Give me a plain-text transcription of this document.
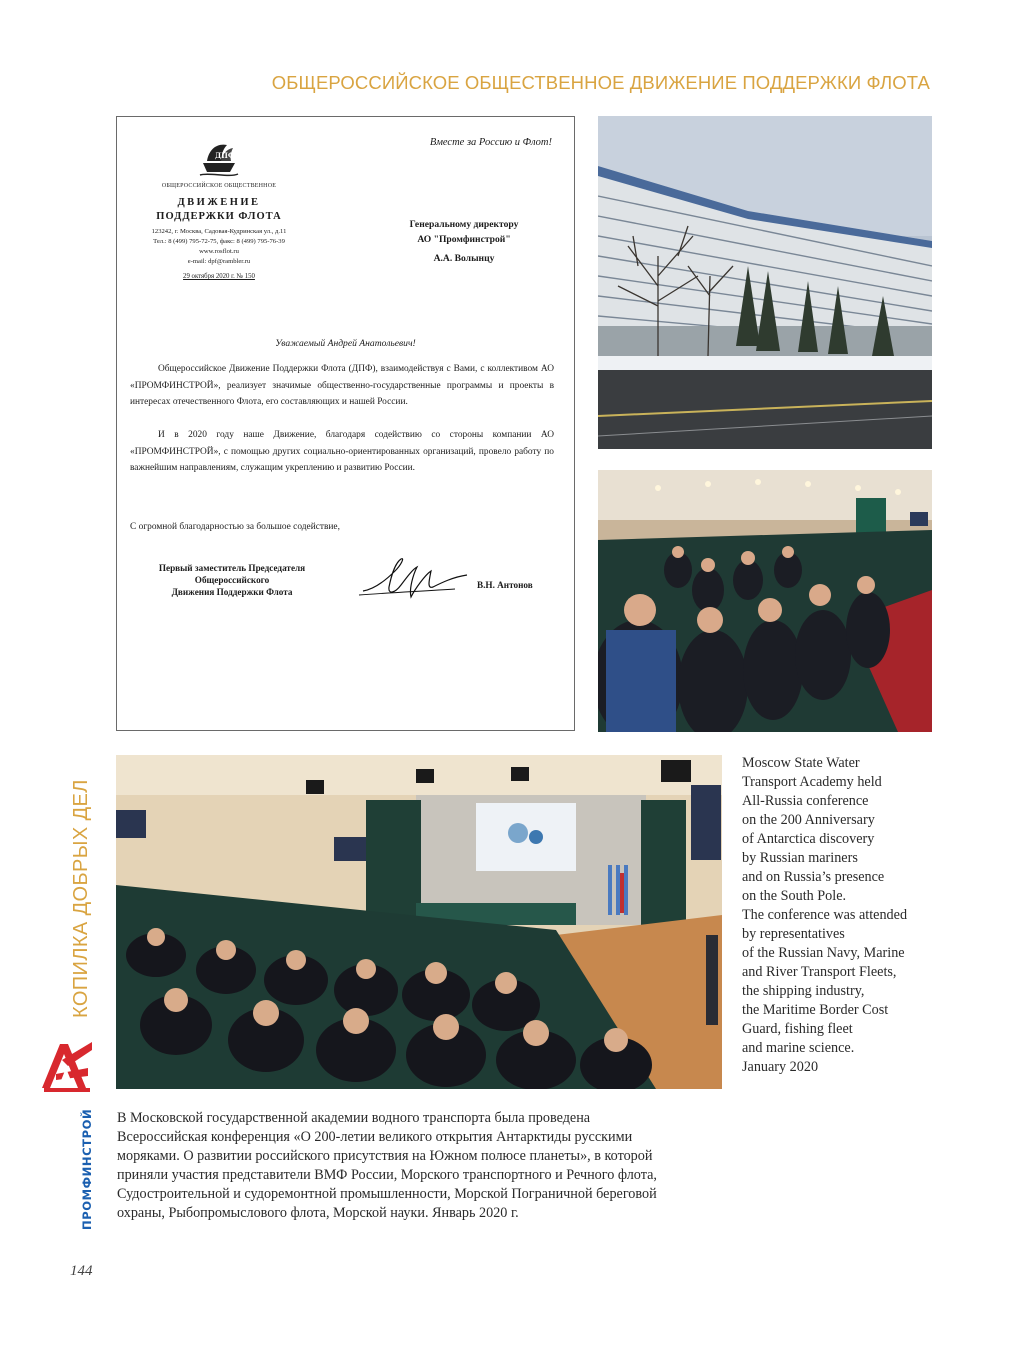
ОБЩЕРОССИЙСКОЕ ОБЩЕСТВЕННОЕ ДВИЖЕНИЕ ПОДДЕРЖКИ ФЛОТА
Вместе за Россию и Флот!
ДПФ
ОБЩЕРОССИЙСКОЕ ОБЩЕСТВЕННОЕ
ДВИЖЕНИЕ
ПОДДЕРЖКИ ФЛОТА
123242, г. Москва, Садовая-Кудринская ул., д.11
Тел.: 8 (499) 795-72-75, факс: 8 (499) 795-76-39
www.rosflot.ru
e-mail: dpf@rambler.ru
29 октября 2020 г. № 150
Генеральному директору
АО "Промфинстрой"
А.А. Волынцу
Уважаемый Андрей Анатольевич!
Общероссийское Движение Поддержки Флота (ДПФ), взаимодействуя с Вами, с коллективом АО «ПРОМФИНСТРОЙ», реализует значимые общественно-государственные программы и проекты в интересах отечественного Флота, его составляющих и нашей России.
И в 2020 году наше Движение, благодаря содействию со стороны компании АО «ПРОМФИНСТРОЙ», с помощью других социально-ориентированных организаций, провело работу по важнейшим направлениям, служащим укреплению и развитию России.
С огромной благодарностью за большое содействие,
Первый заместитель Председателя
Общероссийского
Движения Поддержки Флота
В.Н. Антонов
Moscow State Water
Transport Academy held
All-Russia conference
on the 200 Anniversary
of Antarctica discovery
by Russian mariners
and on Russia’s presence
on the South Pole.
The conference was attended
by representatives
of the Russian Navy, Marine
and River Transport Fleets,
the shipping industry,
the Maritime Border Cost
Guard, fishing fleet
and marine science.
January 2020
В Московской государственной академии водного транспорта была проведена
Всероссийская конференция «О 200-летии великого открытия Антарктиды русскими
моряками. О развитии российского присутствия на Южном полюсе планеты», в которой
приняли участия представители ВМФ России, Морского транспортного и Речного флота,
Судостроительной и судоремонтной промышленности, Морской Пограничной береговой
охраны, Рыбопромыслового флота, Морской науки. Январь 2020 г.
КОПИЛКА ДОБРЫХ ДЕЛ
ПРОМФИНСТРОЙ
144
